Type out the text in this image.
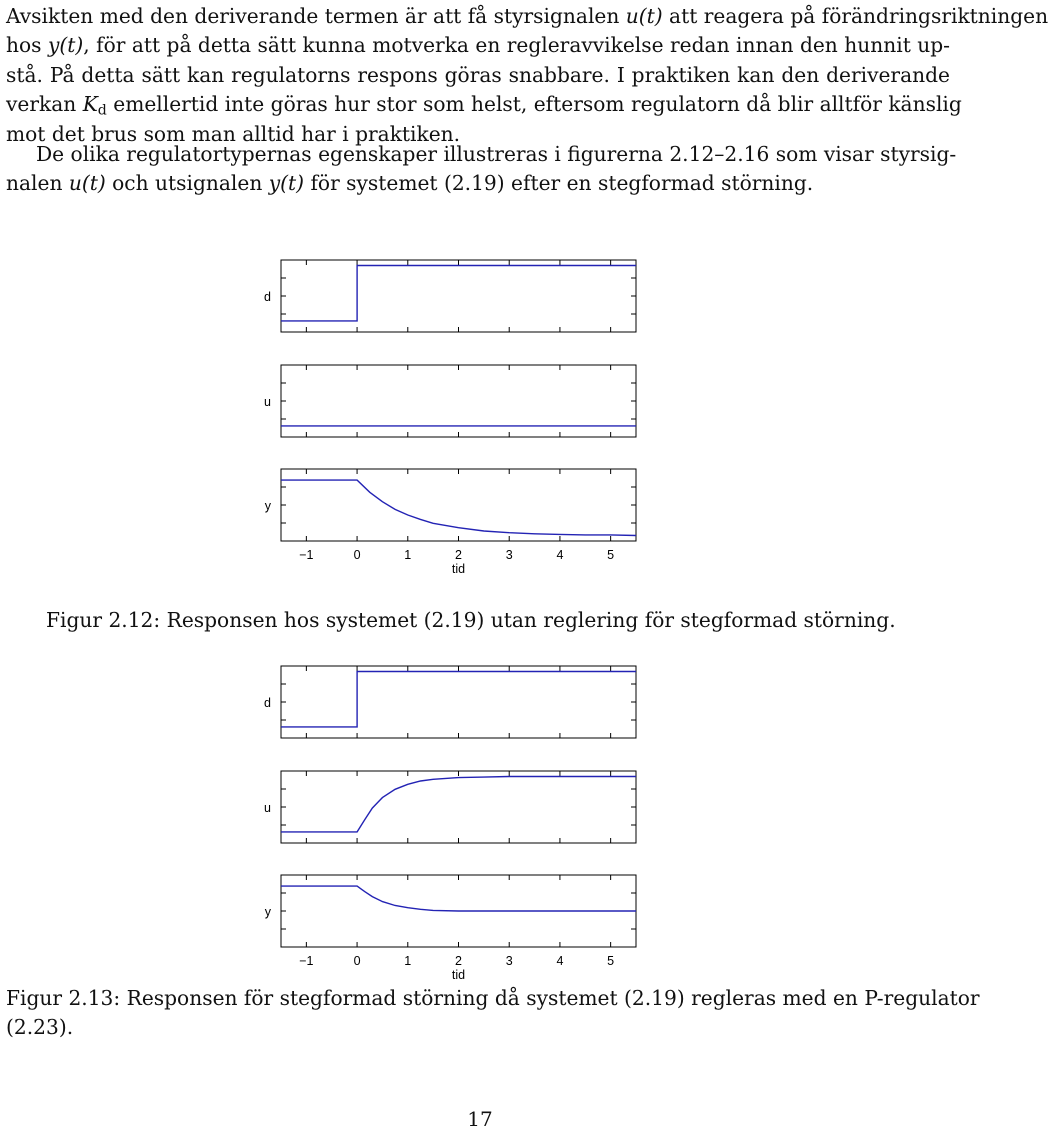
Avsikten med den deriverande termen är att få styrsignalen u(t) att reagera på förändringsriktningen
hos y(t), för att på detta sätt kunna motverka en regleravvikelse redan innan den hunnit up-
stå. På detta sätt kan regulatorns respons göras snabbare. I praktiken kan den deriverande
verkan $K_d$ emellertid inte göras hur stor som helst, eftersom regulatorn då blir alltför känslig
mot det brus som man alltid har i praktiken.
De olika regulatortypernas egenskaper illustreras i figurerna 2.12–2.16 som visar styrsig-
nalen u(t) och utsignalen y(t) för systemet (2.19) efter en stegformad störning.
d
u
y
−1	0	1	2	3	4	5
tid
Figur 2.12: Responsen hos systemet (2.19) utan reglering för stegformad störning.
d
u
y
−1	0	1	2	3	4	5
tid
Figur 2.13: Responsen för stegformad störning då systemet (2.19) regleras med en P-regulator
(2.23).
17
